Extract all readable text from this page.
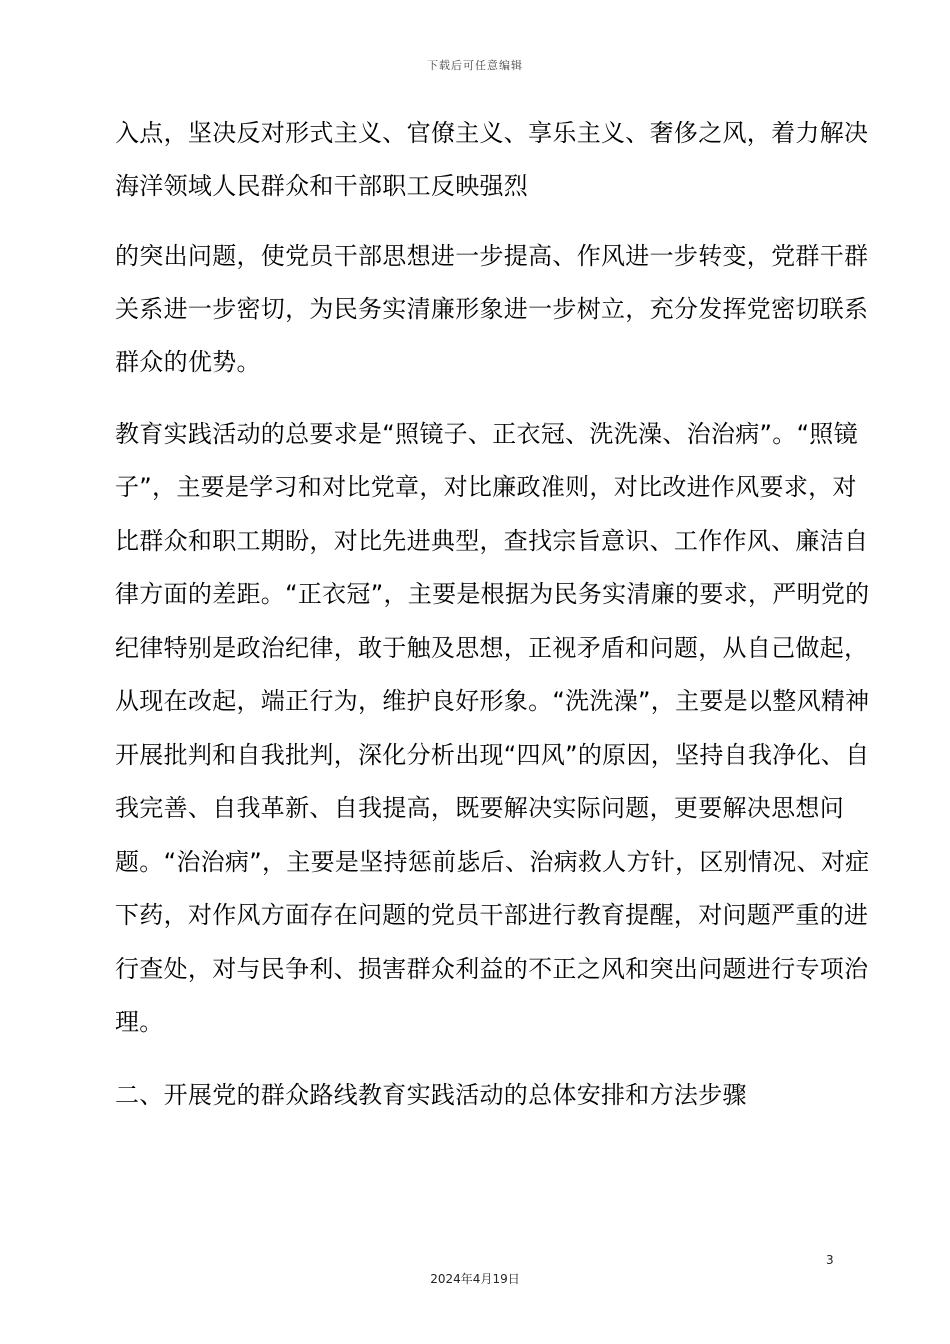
下载后可任意编辑
入点，坚决反对形式主义、官僚主义、享乐主义、奢侈之风，着力解决
海洋领域人民群众和干部职工反映强烈
的突出问题，使党员干部思想进一步提高、作风进一步转变，党群干群
关系进一步密切，为民务实清廉形象进一步树立，充分发挥党密切联系
群众的优势。
教育实践活动的总要求是“照镜子、正衣冠、洗洗澡、治治病”。“照镜
子”，主要是学习和对比党章，对比廉政准则，对比改进作风要求，对
比群众和职工期盼，对比先进典型，查找宗旨意识、工作作风、廉洁自
律方面的差距。“正衣冠”，主要是根据为民务实清廉的要求，严明党的
纪律特别是政治纪律，敢于触及思想，正视矛盾和问题，从自己做起，
从现在改起，端正行为，维护良好形象。“洗洗澡”，主要是以整风精神
开展批判和自我批判，深化分析出现“四风”的原因，坚持自我净化、自
我完善、自我革新、自我提高，既要解决实际问题，更要解决思想问
题。“治治病”，主要是坚持惩前毖后、治病救人方针，区别情况、对症
下药，对作风方面存在问题的党员干部进行教育提醒，对问题严重的进
行查处，对与民争利、损害群众利益的不正之风和突出问题进行专项治
理。
二、开展党的群众路线教育实践活动的总体安排和方法步骤
3
2024年4月19日
